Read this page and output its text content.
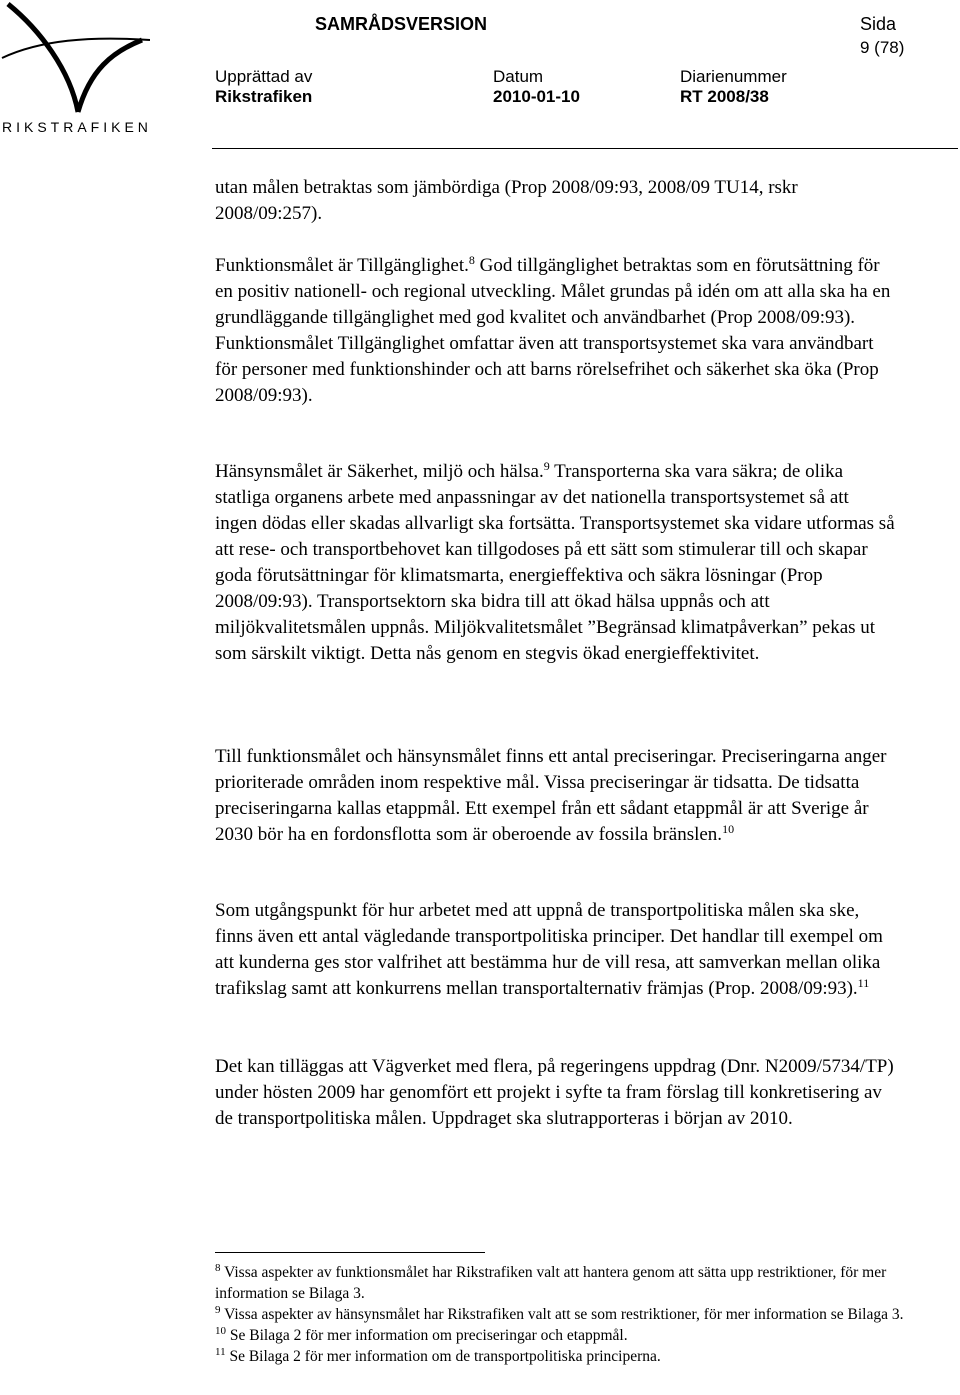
RIKSTRAFIKEN
SAMRÅDSVERSION	Sida
9 (78)
Upprättad av
Rikstrafiken
Datum
2010-01-10
Diarienummer
RT 2008/38

utan målen betraktas som jämbördiga (Prop 2008/09:93, 2008/09 TU14, rskr 2008/09:257).

Funktionsmålet är Tillgänglighet.$^8$ God tillgänglighet betraktas som en förutsättning för en positiv nationell- och regional utveckling. Målet grundas på idén om att alla ska ha en grundläggande tillgänglighet med god kvalitet och användbarhet (Prop 2008/09:93). Funktionsmålet Tillgänglighet omfattar även att transportsystemet ska vara användbart för personer med funktionshinder och att barns rörelsefrihet och säkerhet ska öka (Prop 2008/09:93).

Hänsynsmålet är Säkerhet, miljö och hälsa.$^9$ Transporterna ska vara säkra; de olika statliga organens arbete med anpassningar av det nationella transportsystemet så att ingen dödas eller skadas allvarligt ska fortsätta. Transportsystemet ska vidare utformas så att rese- och transportbehovet kan tillgodoses på ett sätt som stimulerar till och skapar goda förutsättningar för klimatsmarta, energieffektiva och säkra lösningar (Prop 2008/09:93). Transportsektorn ska bidra till att ökad hälsa uppnås och att miljökvalitetsmålen uppnås. Miljökvalitetsmålet ”Begränsad klimatpåverkan” pekas ut som särskilt viktigt. Detta nås genom en stegvis ökad energieffektivitet.

Till funktionsmålet och hänsynsmålet finns ett antal preciseringar. Preciseringarna anger prioriterade områden inom respektive mål. Vissa preciseringar är tidsatta. De tidsatta preciseringarna kallas etappmål. Ett exempel från ett sådant etappmål är att Sverige år 2030 bör ha en fordonsflotta som är oberoende av fossila bränslen.$^{10}$

Som utgångspunkt för hur arbetet med att uppnå de transportpolitiska målen ska ske, finns även ett antal vägledande transportpolitiska principer. Det handlar till exempel om att kunderna ges stor valfrihet att bestämma hur de vill resa, att samverkan mellan olika trafikslag samt att konkurrens mellan transportalternativ främjas (Prop. 2008/09:93).$^{11}$

Det kan tilläggas att Vägverket med flera, på regeringens uppdrag (Dnr. N2009/5734/TP) under hösten 2009 har genomfört ett projekt i syfte ta fram förslag till konkretisering av de transportpolitiska målen. Uppdraget ska slutrapporteras i början av 2010.

$^8$ Vissa aspekter av funktionsmålet har Rikstrafiken valt att hantera genom att sätta upp restriktioner, för mer information se Bilaga 3.

$^9$ Vissa aspekter av hänsynsmålet har Rikstrafiken valt att se som restriktioner, för mer information se Bilaga 3.

$^{10}$ Se Bilaga 2 för mer information om preciseringar och etappmål.

$^{11}$ Se Bilaga 2 för mer information om de transportpolitiska principerna.
